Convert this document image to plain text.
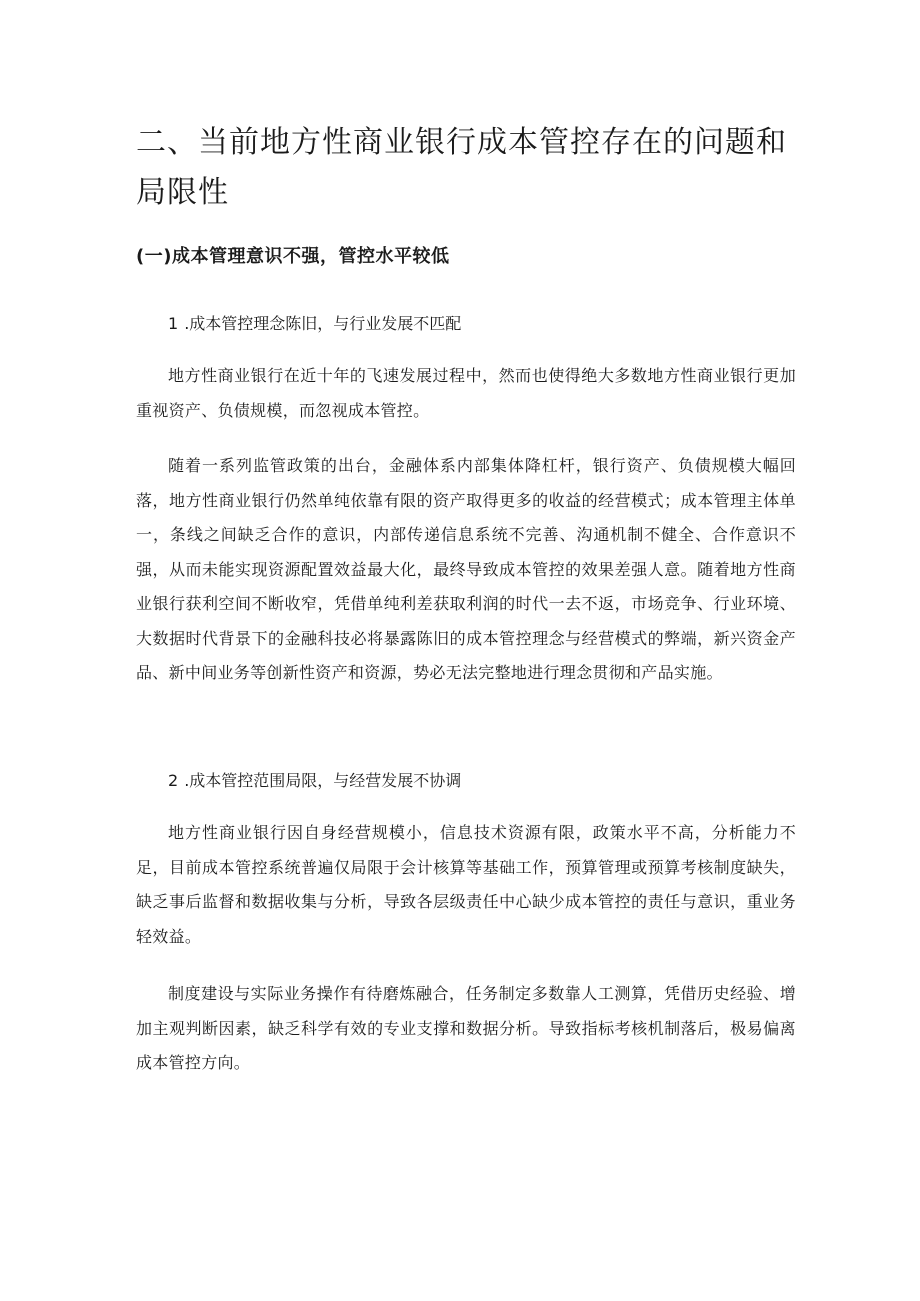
二、当前地方性商业银行成本管控存在的问题和局限性
(一)成本管理意识不强，管控水平较低
1 .成本管控理念陈旧，与行业发展不匹配

地方性商业银行在近十年的飞速发展过程中，然而也使得绝大多数地方性商业银行更加重视资产、负债规模，而忽视成本管控。

随着一系列监管政策的出台，金融体系内部集体降杠杆，银行资产、负债规模大幅回落，地方性商业银行仍然单纯依靠有限的资产取得更多的收益的经营模式；成本管理主体单一，条线之间缺乏合作的意识，内部传递信息系统不完善、沟通机制不健全、合作意识不强，从而未能实现资源配置效益最大化，最终导致成本管控的效果差强人意。随着地方性商业银行获利空间不断收窄，凭借单纯利差获取利润的时代一去不返，市场竞争、行业环境、大数据时代背景下的金融科技必将暴露陈旧的成本管控理念与经营模式的弊端，新兴资金产品、新中间业务等创新性资产和资源，势必无法完整地进行理念贯彻和产品实施。

2 .成本管控范围局限，与经营发展不协调

地方性商业银行因自身经营规模小，信息技术资源有限，政策水平不高，分析能力不足，目前成本管控系统普遍仅局限于会计核算等基础工作，预算管理或预算考核制度缺失，缺乏事后监督和数据收集与分析，导致各层级责任中心缺少成本管控的责任与意识，重业务轻效益。

制度建设与实际业务操作有待磨炼融合，任务制定多数靠人工测算，凭借历史经验、增加主观判断因素，缺乏科学有效的专业支撑和数据分析。导致指标考核机制落后，极易偏离成本管控方向。
